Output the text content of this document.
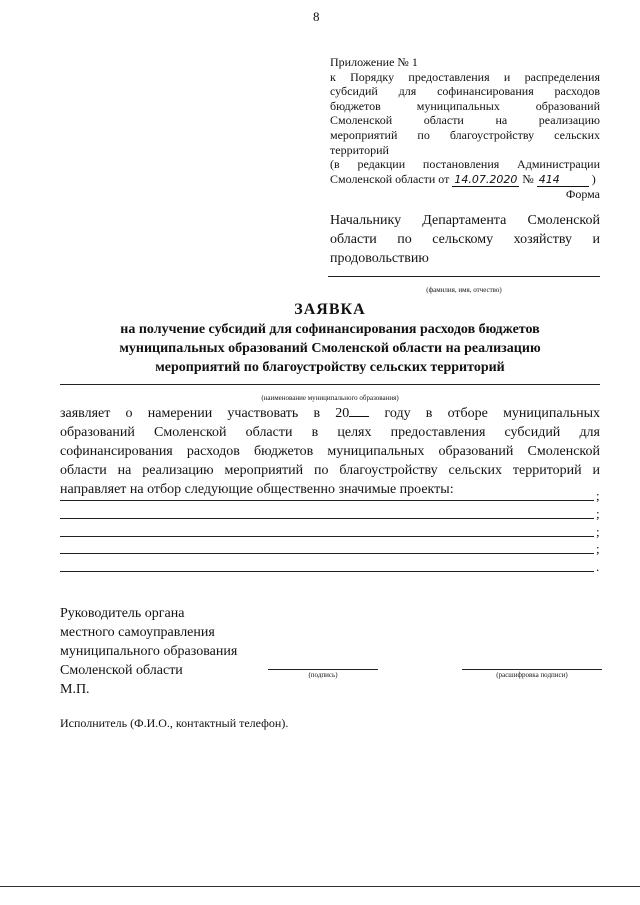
8
Приложение № 1
к Порядку предоставления и распределения
субсидий для софинансирования расходов
бюджетов муниципальных образований
Смоленской области на реализацию
мероприятий по благоустройству сельских
территорий
(в редакции постановления Администрации
Смоленской области от 14.07.2020 № 414	)
Форма
Начальнику Департамента Смоленской
области по сельскому хозяйству и
продовольствию
(фамилия, имя, отчество)
ЗАЯВКА
на получение субсидий для софинансирования расходов бюджетов
муниципальных образований Смоленской области на реализацию
мероприятий по благоустройству сельских территорий
(наименование муниципального образования)
заявляет о намерении участвовать в 20	году в отборе муниципальных
образований Смоленской области в целях предоставления субсидий для
софинансирования расходов бюджетов муниципальных образований Смоленской
области на реализацию мероприятий по благоустройству сельских территорий и
направляет на отбор следующие общественно значимые проекты:	;
;
;
;
.
Руководитель органа
местного самоуправления
муниципального образования
Смоленской области
М.П.
(подпись)	(расшифровка подписи)
Исполнитель (Ф.И.О., контактный телефон).
